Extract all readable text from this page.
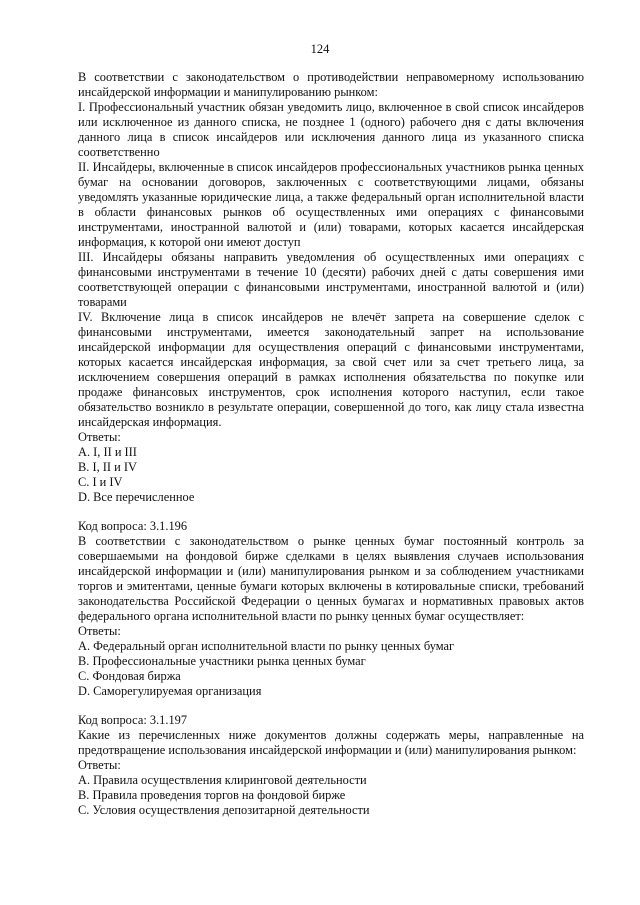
124

В соответствии с законодательством о противодействии неправомерному использованию инсайдерской информации и манипулированию рынком:

I. Профессиональный участник обязан уведомить лицо, включенное в свой список инсайдеров или исключенное из данного списка, не позднее 1 (одного) рабочего дня с даты включения данного лица в список инсайдеров или исключения данного лица из указанного списка соответственно

II. Инсайдеры, включенные в список инсайдеров профессиональных участников рынка ценных бумаг на основании договоров, заключенных с соответствующими лицами, обязаны уведомлять указанные юридические лица, а также федеральный орган исполнительной власти в области финансовых рынков об осуществленных ими операциях с финансовыми инструментами, иностранной валютой и (или) товарами, которых касается инсайдерская информация, к которой они имеют доступ

III. Инсайдеры обязаны направить уведомления об осуществленных ими операциях с финансовыми инструментами в течение 10 (десяти) рабочих дней с даты совершения ими соответствующей операции с финансовыми инструментами, иностранной валютой и (или) товарами

IV. Включение лица в список инсайдеров не влечёт запрета на совершение сделок с финансовыми инструментами, имеется законодательный запрет на использование инсайдерской информации для осуществления операций с финансовыми инструментами, которых касается инсайдерская информация, за свой счет или за счет третьего лица, за исключением совершения операций в рамках исполнения обязательства по покупке или продаже финансовых инструментов, срок исполнения которого наступил, если такое обязательство возникло в результате операции, совершенной до того, как лицу стала известна инсайдерская информация.

Ответы:

A. I, II и III

B. I, II и IV

C. I и IV

D. Все перечисленное

Код вопроса: 3.1.196

В соответствии с законодательством о рынке ценных бумаг постоянный контроль за совершаемыми на фондовой бирже сделками в целях выявления случаев использования инсайдерской информации и (или) манипулирования рынком и за соблюдением участниками торгов и эмитентами, ценные бумаги которых включены в котировальные списки, требований законодательства Российской Федерации о ценных бумагах и нормативных правовых актов федерального органа исполнительной власти по рынку ценных бумаг осуществляет:

Ответы:

A. Федеральный орган исполнительной власти по рынку ценных бумаг

B. Профессиональные участники рынка ценных бумаг

C. Фондовая биржа

D. Саморегулируемая организация

Код вопроса: 3.1.197

Какие из перечисленных ниже документов должны содержать меры, направленные на предотвращение использования инсайдерской информации и (или) манипулирования рынком:

Ответы:

A. Правила осуществления клиринговой деятельности

B. Правила проведения торгов на фондовой бирже

C. Условия осуществления депозитарной деятельности
